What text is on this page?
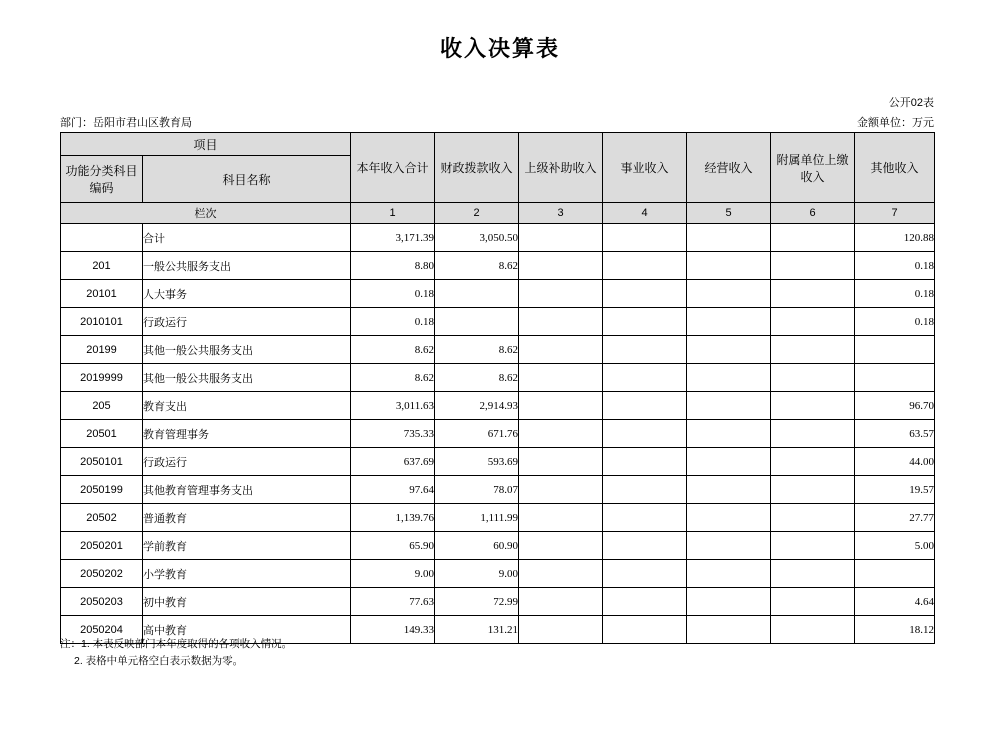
收入决算表
公开02表
部门：岳阳市君山区教育局	金额单位：万元
项目		本年收入合计	财政拨款收入	上级补助收入	事业收入	经营收入	附属单位上缴收入	其他收入
功能分类科目编码	科目名称							
栏次		1	2	3	4	5	6	7
	合计	3,171.39	3,050.50					120.88
201	一般公共服务支出	8.80	8.62					0.18
20101	人大事务	0.18						0.18
2010101	行政运行	0.18						0.18
20199	其他一般公共服务支出	8.62	8.62					
2019999	其他一般公共服务支出	8.62	8.62					
205	教育支出	3,011.63	2,914.93					96.70
20501	教育管理事务	735.33	671.76					63.57
2050101	行政运行	637.69	593.69					44.00
2050199	其他教育管理事务支出	97.64	78.07					19.57
20502	普通教育	1,139.76	1,111.99					27.77
2050201	学前教育	65.90	60.90					5.00
2050202	小学教育	9.00	9.00					
2050203	初中教育	77.63	72.99					4.64
2050204	高中教育	149.33	131.21					18.12
注：1. 本表反映部门本年度取得的各项收入情况。
2. 表格中单元格空白表示数据为零。
